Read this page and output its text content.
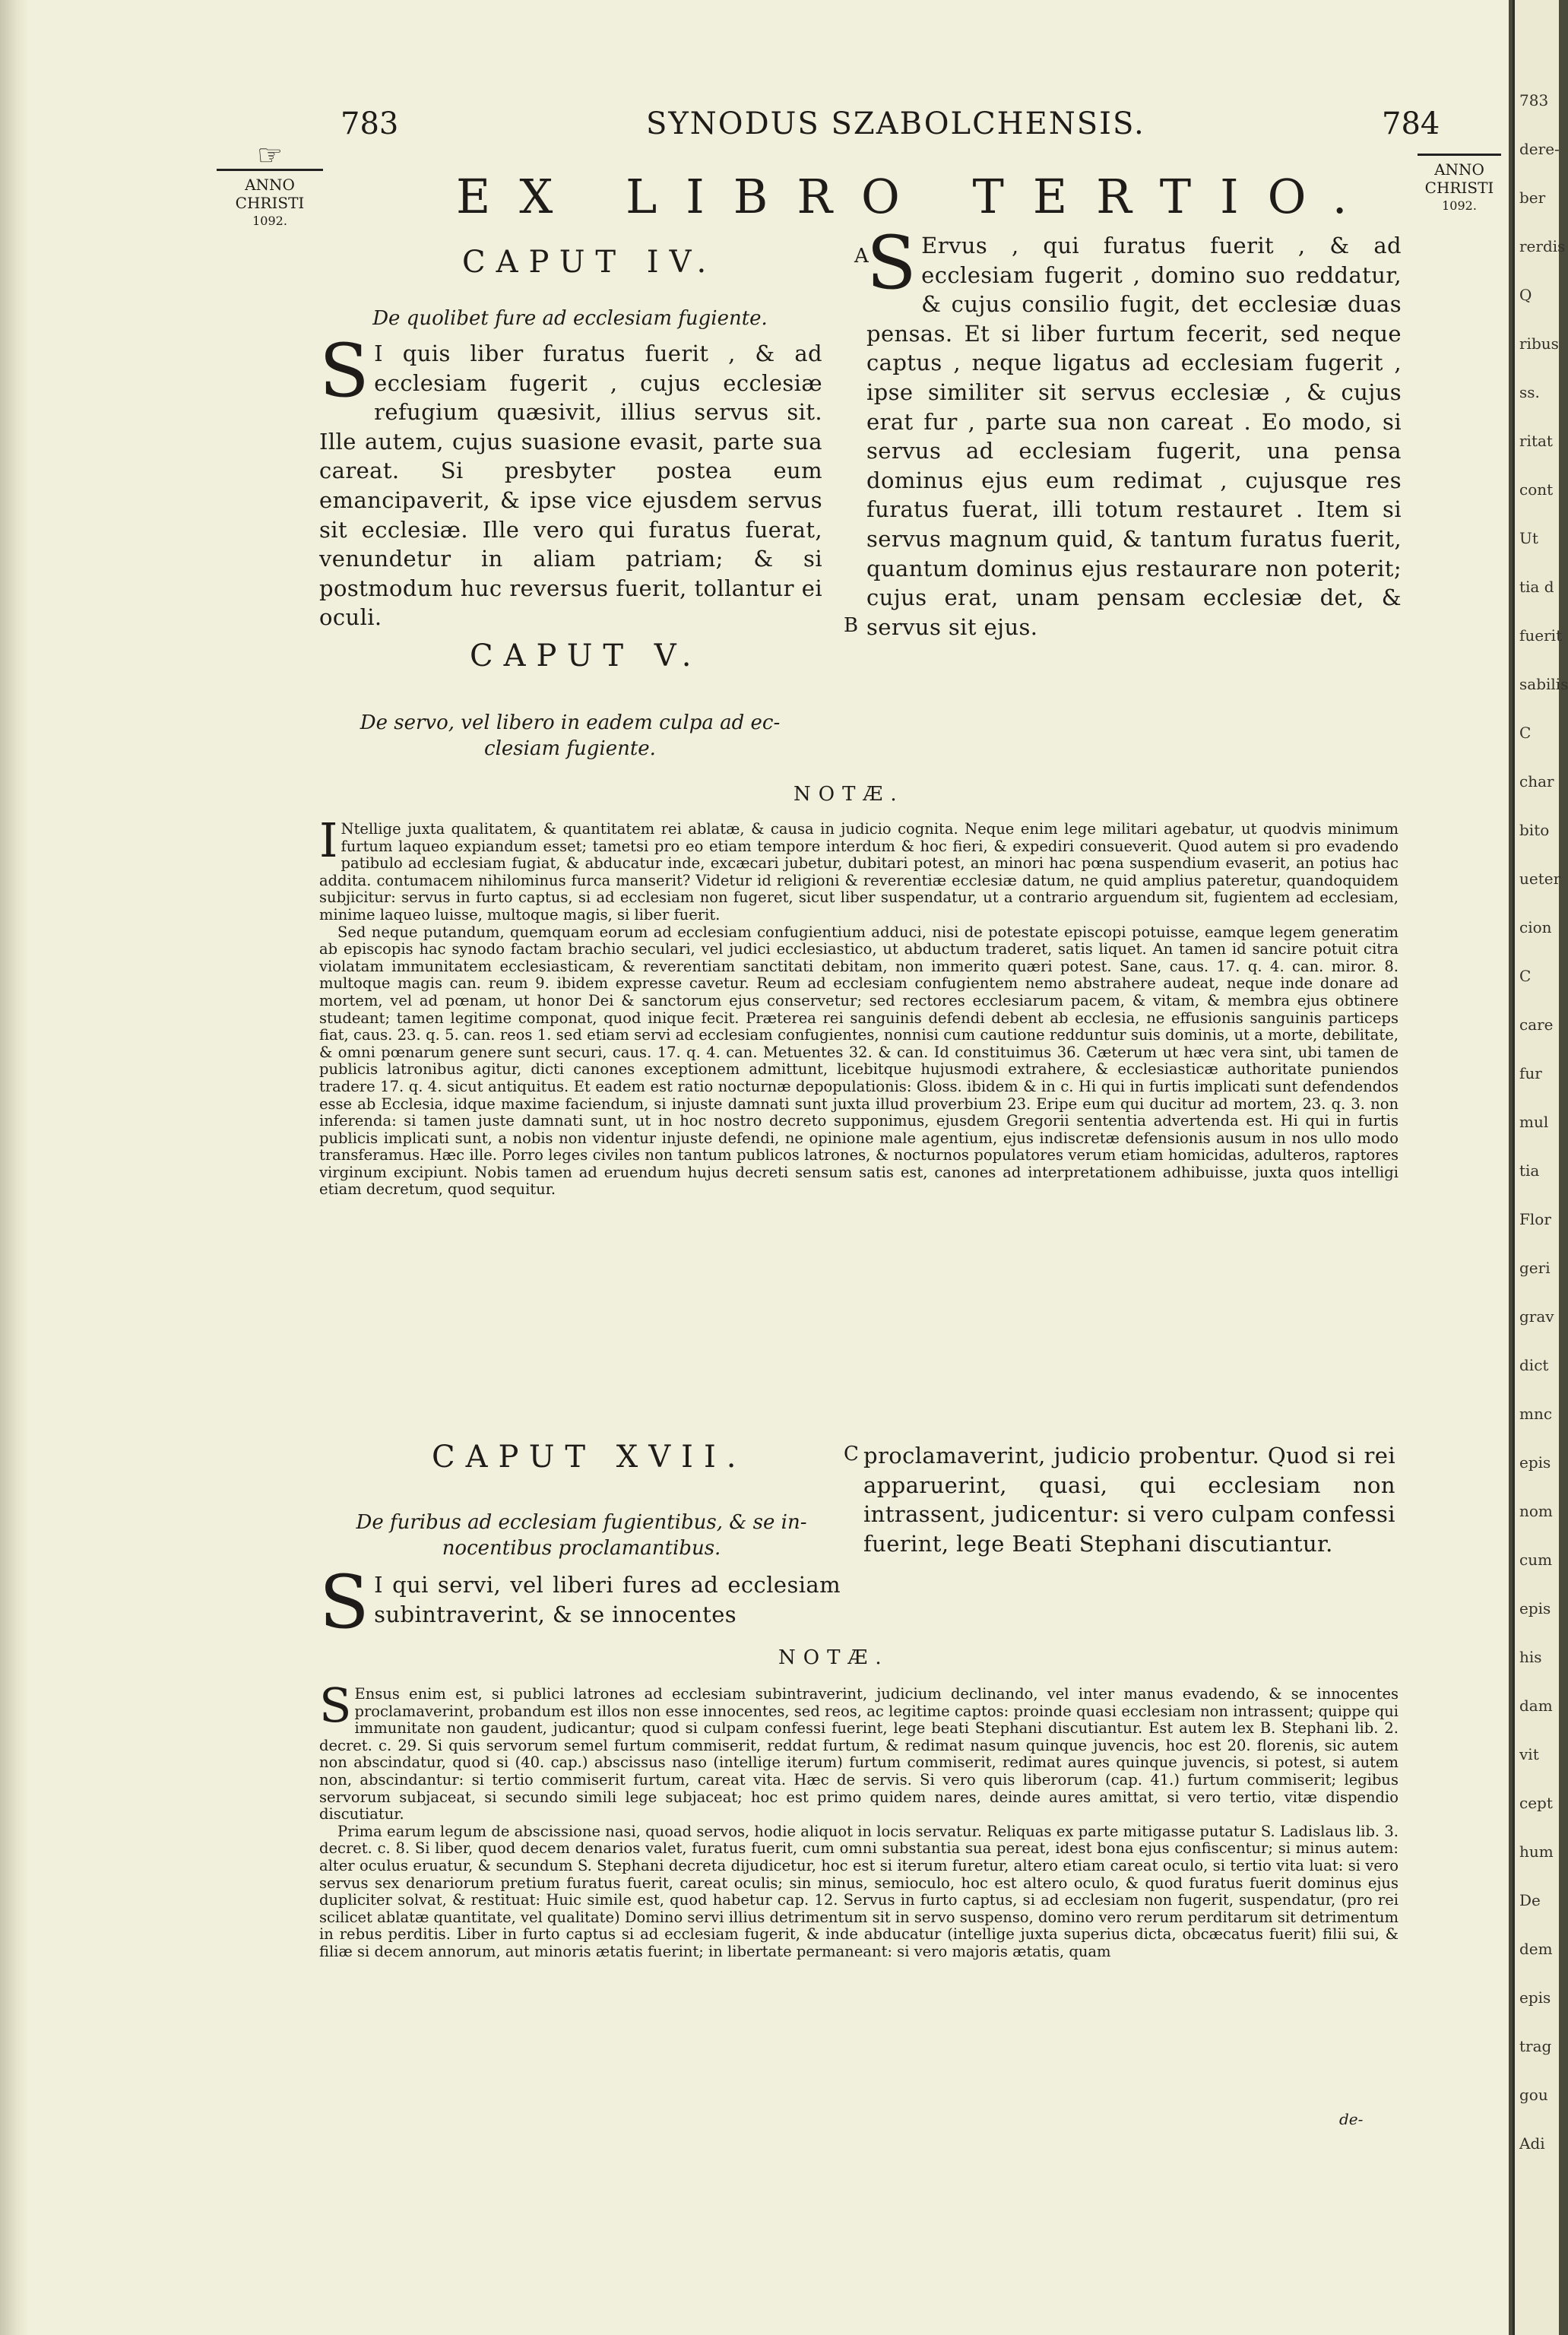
783	SYNODUS SZABOLCHENSIS.	784
☞
ANNO
CHRISTI
1092.
ANNO
CHRISTI
1092.
EX LIBRO TERTIO.
CAPUT IV.
De quolibet fure ad ecclesiam fugiente.
S I quis liber furatus fuerit , & ad ecclesiam fugerit , cujus ecclesiæ refugium quæsivit, illius servus sit. Ille autem, cujus suasione evasit, parte sua careat. Si presbyter postea eum emancipaverit, & ipse vice ejusdem servus sit ecclesiæ. Ille vero qui furatus fuerat, venundetur in aliam patriam; & si postmodum huc reversus fuerit, tollantur ei oculi.
CAPUT V.
De servo, vel libero in eadem culpa ad ec-
clesiam fugiente.
A
B
S Ervus , qui furatus fuerit , & ad ecclesiam fugerit , domino suo reddatur, & cujus consilio fugit, det ecclesiæ duas pensas. Et si liber furtum fecerit, sed neque captus , neque ligatus ad ecclesiam fugerit , ipse similiter sit servus ecclesiæ , & cujus erat fur , parte sua non careat . Eo modo, si servus ad ecclesiam fugerit, una pensa dominus ejus eum redimat , cujusque res furatus fuerat, illi totum restauret . Item si servus magnum quid, & tantum furatus fuerit, quantum dominus ejus restaurare non poterit; cujus erat, unam pensam ecclesiæ det, & servus sit ejus.
NOTÆ.

I Ntellige juxta qualitatem, & quantitatem rei ablatæ, & causa in judicio cognita. Neque enim lege militari agebatur, ut quodvis minimum furtum laqueo expiandum esset; tametsi pro eo etiam tempore interdum & hoc fieri, & expediri consueverit. Quod autem si pro evadendo patibulo ad ecclesiam fugiat, & abducatur inde, excæcari jubetur, dubitari potest, an minori hac pœna suspendium evaserit, an potius hac addita. contumacem nihilominus furca manserit? Videtur id religioni & reverentiæ ecclesiæ datum, ne quid amplius pateretur, quandoquidem subjicitur: servus in furto captus, si ad ecclesiam non fugeret, sicut liber suspendatur, ut a contrario arguendum sit, fugientem ad ecclesiam, minime laqueo luisse, multoque magis, si liber fuerit.

Sed neque putandum, quemquam eorum ad ecclesiam confugientium adduci, nisi de potestate episcopi potuisse, eamque legem generatim ab episcopis hac synodo factam brachio seculari, vel judici ecclesiastico, ut abductum traderet, satis liquet. An tamen id sancire potuit citra violatam immunitatem ecclesiasticam, & reverentiam sanctitati debitam, non immerito quæri potest. Sane, caus. 17. q. 4. can. miror. 8. multoque magis can. reum 9. ibidem expresse cavetur. Reum ad ecclesiam confugientem nemo abstrahere audeat, neque inde donare ad mortem, vel ad pœnam, ut honor Dei & sanctorum ejus conservetur; sed rectores ecclesiarum pacem, & vitam, & membra ejus obtinere studeant; tamen legitime componat, quod inique fecit. Præterea rei sanguinis defendi debent ab ecclesia, ne effusionis sanguinis particeps fiat, caus. 23. q. 5. can. reos 1. sed etiam servi ad ecclesiam confugientes, nonnisi cum cautione redduntur suis dominis, ut a morte, debilitate, & omni pœnarum genere sunt securi, caus. 17. q. 4. can. Metuentes 32. & can. Id constituimus 36. Cæterum ut hæc vera sint, ubi tamen de publicis latronibus agitur, dicti canones exceptionem admittunt, licebitque hujusmodi extrahere, & ecclesiasticæ authoritate puniendos tradere 17. q. 4. sicut antiquitus. Et eadem est ratio nocturnæ depopulationis: Gloss. ibidem & in c. Hi qui in furtis implicati sunt defendendos esse ab Ecclesia, idque maxime faciendum, si injuste damnati sunt juxta illud proverbium 23. Eripe eum qui ducitur ad mortem, 23. q. 3. non inferenda: si tamen juste damnati sunt, ut in hoc nostro decreto supponimus, ejusdem Gregorii sententia advertenda est. Hi qui in furtis publicis implicati sunt, a nobis non videntur injuste defendi, ne opinione male agentium, ejus indiscretæ defensionis ausum in nos ullo modo transferamus. Hæc ille. Porro leges civiles non tantum publicos latrones, & nocturnos populatores verum etiam homicidas, adulteros, raptores virginum excipiunt. Nobis tamen ad eruendum hujus decreti sensum satis est, canones ad interpretationem adhibuisse, juxta quos intelligi etiam decretum, quod sequitur.

CAPUT XVII.
De furibus ad ecclesiam fugientibus, & se in-
nocentibus proclamantibus.
S I qui servi, vel liberi fures ad ecclesiam subintraverint, & se innocentes
C proclamaverint, judicio probentur. Quod si rei apparuerint, quasi, qui ecclesiam non intrassent, judicentur: si vero culpam confessi fuerint, lege Beati Stephani discutiantur.
NOTÆ.

S Ensus enim est, si publici latrones ad ecclesiam subintraverint, judicium declinando, vel inter manus evadendo, & se innocentes proclamaverint, probandum est illos non esse innocentes, sed reos, ac legitime captos: proinde quasi ecclesiam non intrassent; quippe qui immunitate non gaudent, judicantur; quod si culpam confessi fuerint, lege beati Stephani discutiantur. Est autem lex B. Stephani lib. 2. decret. c. 29. Si quis servorum semel furtum commiserit, reddat furtum, & redimat nasum quinque juvencis, hoc est 20. florenis, sic autem non abscindatur, quod si (40. cap.) abscissus naso (intellige iterum) furtum commiserit, redimat aures quinque juvencis, si potest, si autem non, abscindantur: si tertio commiserit furtum, careat vita. Hæc de servis. Si vero quis liberorum (cap. 41.) furtum commiserit; legibus servorum subjaceat, si secundo simili lege subjaceat; hoc est primo quidem nares, deinde aures amittat, si vero tertio, vitæ dispendio discutiatur.

Prima earum legum de abscissione nasi, quoad servos, hodie aliquot in locis servatur. Reliquas ex parte mitigasse putatur S. Ladislaus lib. 3. decret. c. 8. Si liber, quod decem denarios valet, furatus fuerit, cum omni substantia sua pereat, idest bona ejus confiscentur; si minus autem: alter oculus eruatur, & secundum S. Stephani decreta dijudicetur, hoc est si iterum furetur, altero etiam careat oculo, si tertio vita luat: si vero servus sex denariorum pretium furatus fuerit, careat oculis; sin minus, semioculo, hoc est altero oculo, & quod furatus fuerit dominus ejus dupliciter solvat, & restituat: Huic simile est, quod habetur cap. 12. Servus in furto captus, si ad ecclesiam non fugerit, suspendatur, (pro rei scilicet ablatæ quantitate, vel qualitate) Domino servi illius detrimentum sit in servo suspenso, domino vero rerum perditarum sit detrimentum in rebus perditis. Liber in furto captus si ad ecclesiam fugerit, & inde abducatur (intellige juxta superius dicta, obcæcatus fuerit) filii sui, & filiæ si decem annorum, aut minoris ætatis fuerint; in libertate permaneant: si vero majoris ætatis, quam

de-
783
dere-
ber
rerdis
Q
ribus
ss.
ritat
cont
Ut
tia d
fuerit
sabilis
C
char
bito
ueter
cion
C
care
fur
mul
tia
Flor
geri
grav
dict
mnc
epis
nom
cum
epis
his
dam
vit
cept
hum
De
dem
epis
trag
gou
Adi
